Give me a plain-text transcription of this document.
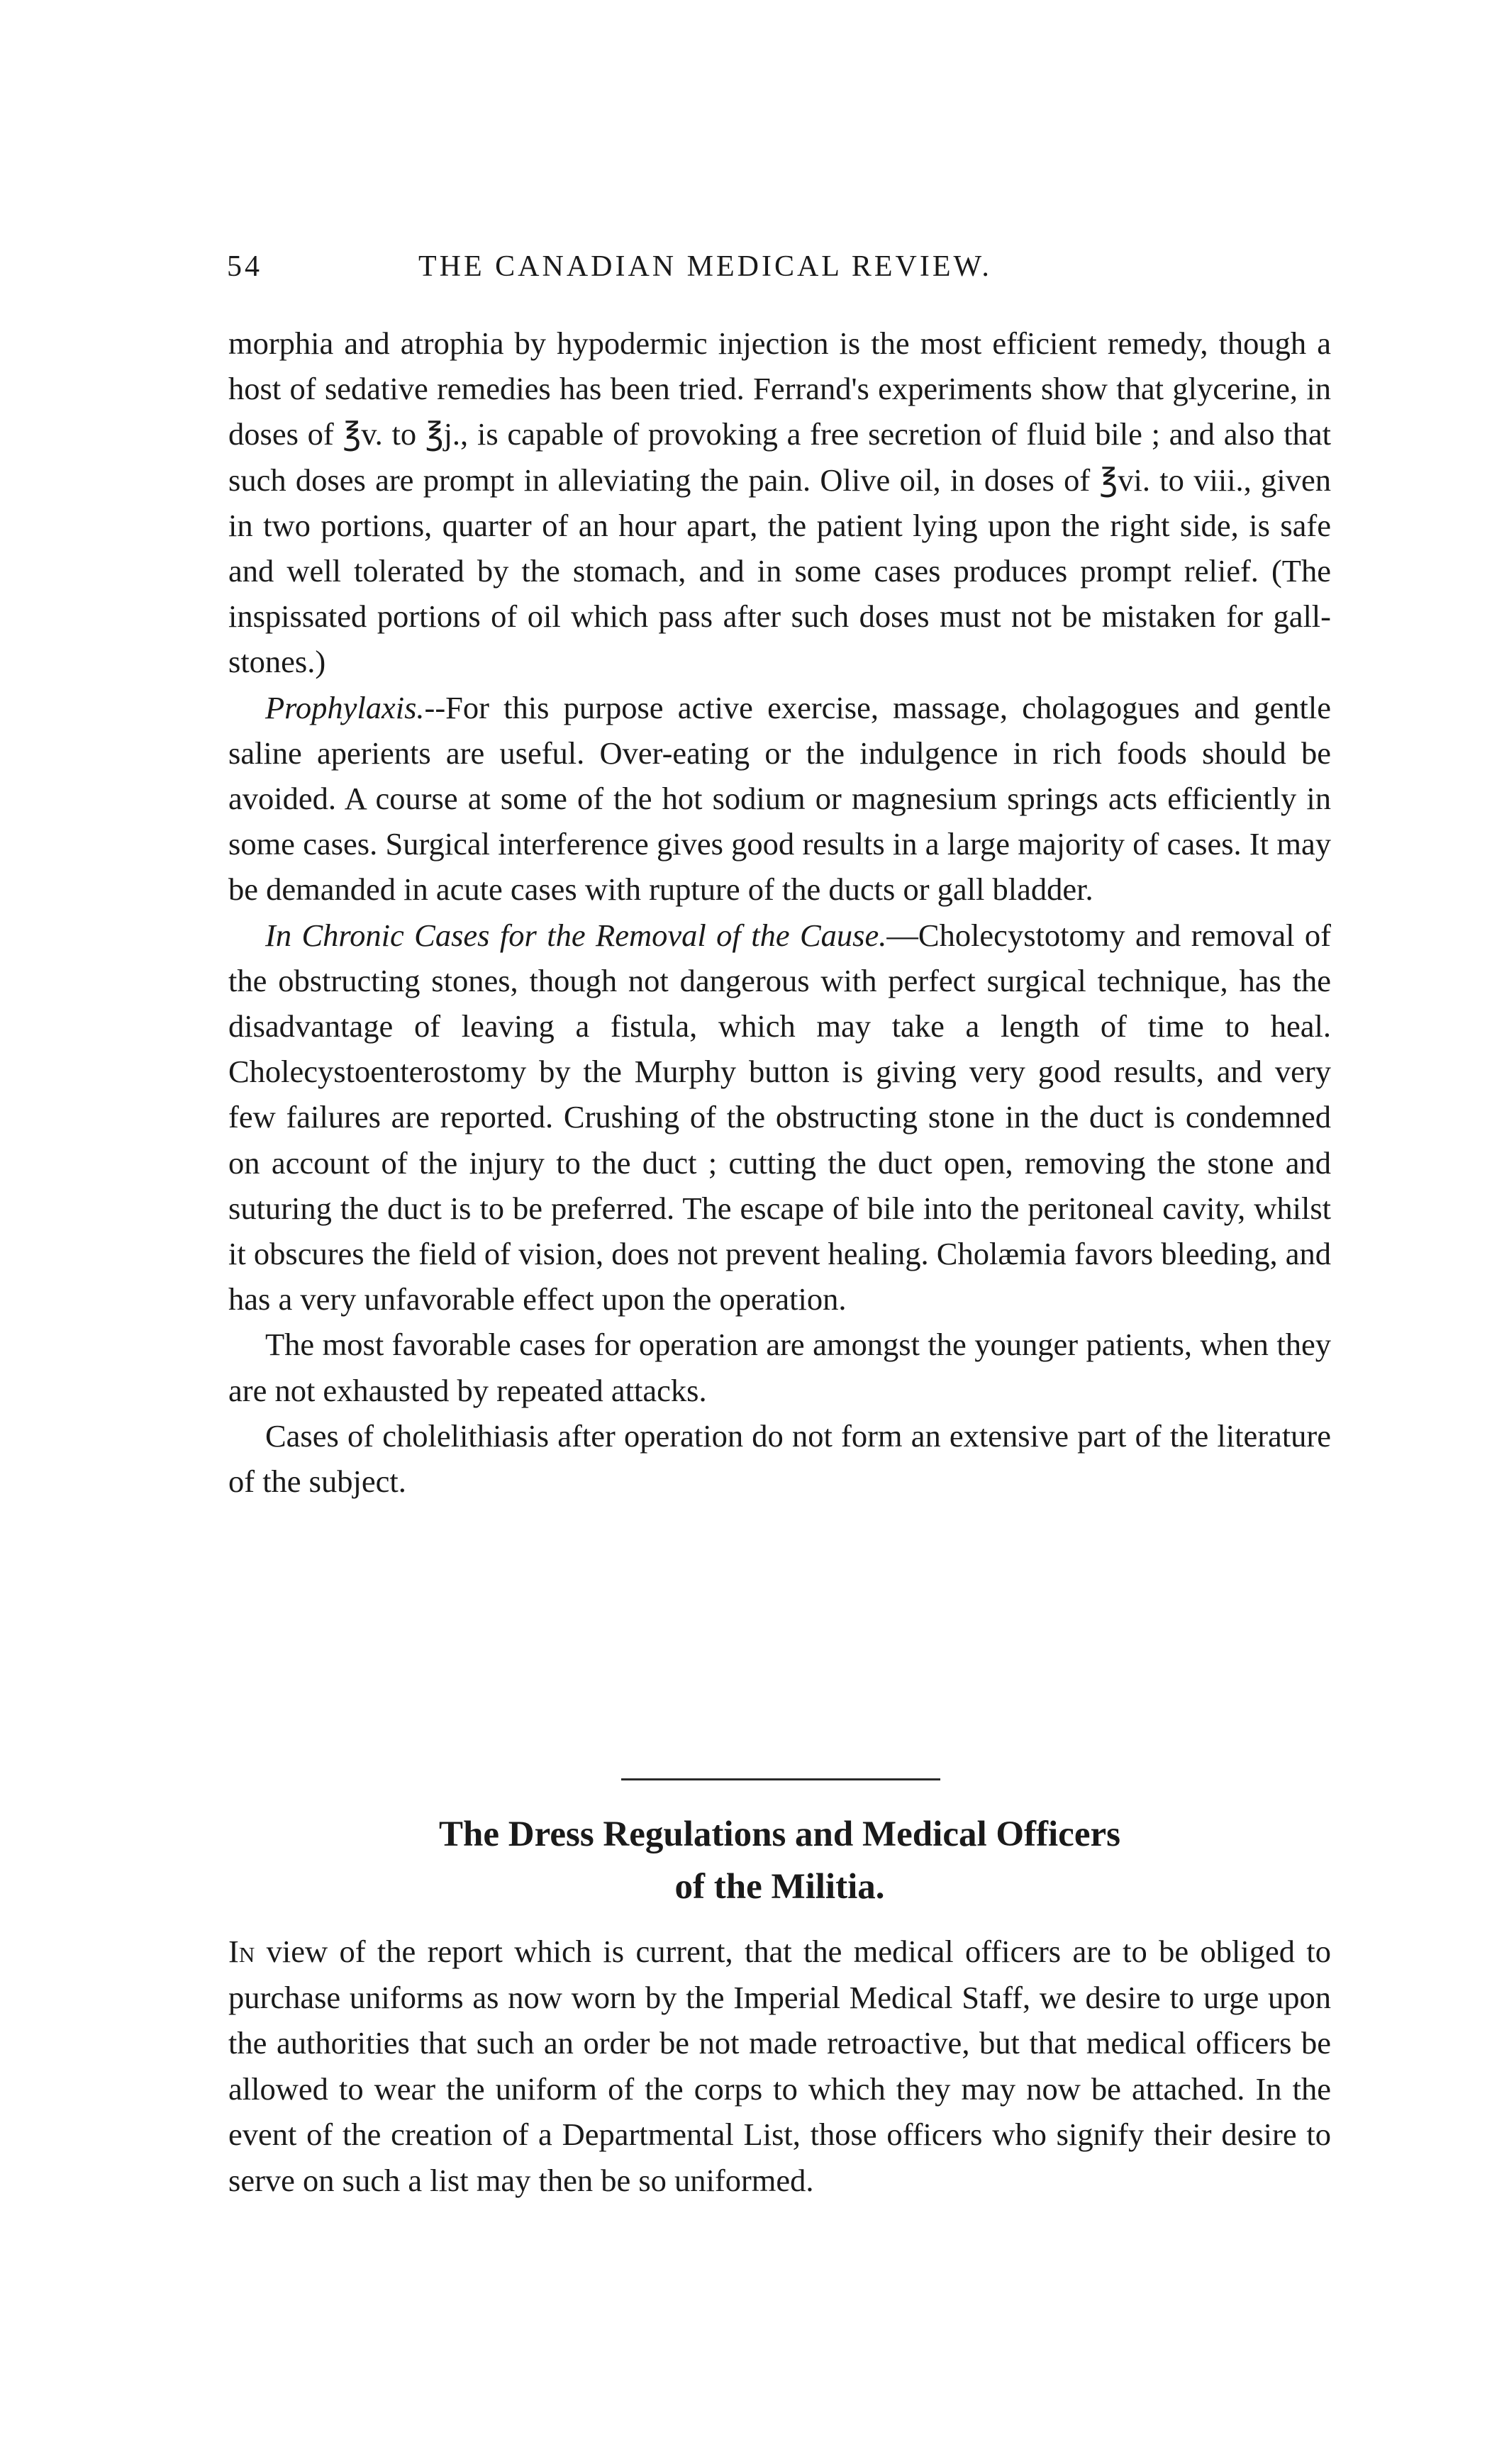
54	THE CANADIAN MEDICAL REVIEW.

morphia and atrophia by hypodermic injection is the most efficient remedy, though a host of sedative remedies has been tried. Ferrand's experiments show that glycerine, in doses of ℥v. to ℥j., is capable of provoking a free secretion of fluid bile ; and also that such doses are prompt in alleviating the pain. Olive oil, in doses of ℥vi. to viii., given in two portions, quarter of an hour apart, the patient lying upon the right side, is safe and well tolerated by the stomach, and in some cases produces prompt relief. (The inspissated portions of oil which pass after such doses must not be mistaken for gall-stones.)

Prophylaxis.--For this purpose active exercise, massage, cholagogues and gentle saline aperients are useful. Over-eating or the indulgence in rich foods should be avoided. A course at some of the hot sodium or magnesium springs acts efficiently in some cases. Surgical interference gives good results in a large majority of cases. It may be demanded in acute cases with rupture of the ducts or gall bladder.

In Chronic Cases for the Removal of the Cause.—Cholecystotomy and removal of the obstructing stones, though not dangerous with perfect surgical technique, has the disadvantage of leaving a fistula, which may take a length of time to heal. Cholecystoenterostomy by the Murphy button is giving very good results, and very few failures are reported. Crushing of the obstructing stone in the duct is condemned on account of the injury to the duct ; cutting the duct open, removing the stone and suturing the duct is to be preferred. The escape of bile into the peritoneal cavity, whilst it obscures the field of vision, does not prevent healing. Cholæmia favors bleeding, and has a very unfavorable effect upon the operation.

The most favorable cases for operation are amongst the younger patients, when they are not exhausted by repeated attacks.

Cases of cholelithiasis after operation do not form an extensive part of the literature of the subject.

The Dress Regulations and Medical Officers
of the Militia.

In view of the report which is current, that the medical officers are to be obliged to purchase uniforms as now worn by the Imperial Medical Staff, we desire to urge upon the authorities that such an order be not made retroactive, but that medical officers be allowed to wear the uniform of the corps to which they may now be attached. In the event of the creation of a Departmental List, those officers who signify their desire to serve on such a list may then be so uniformed.
